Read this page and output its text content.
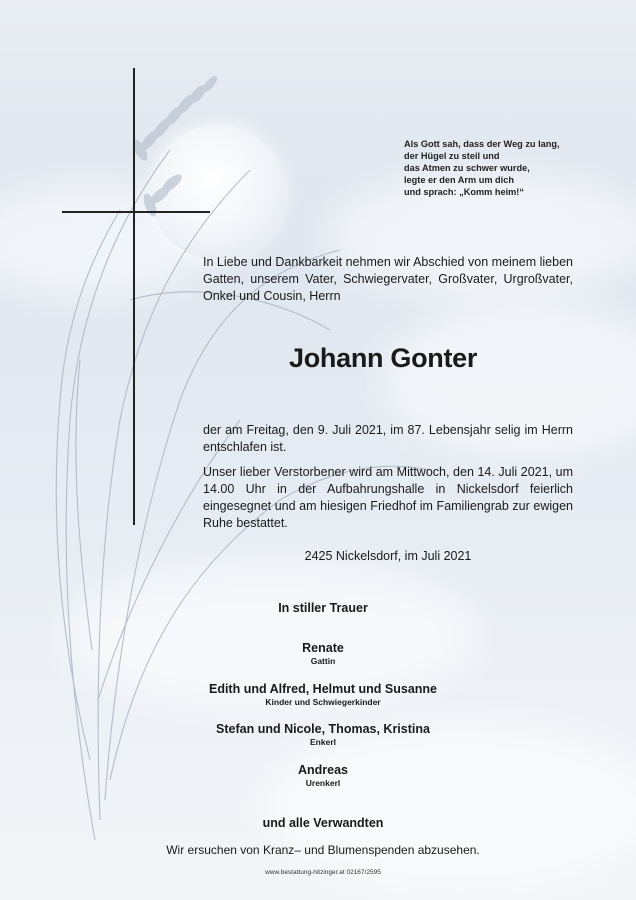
Als Gott sah, dass der Weg zu lang,
der Hügel zu steil und
das Atmen zu schwer wurde,
legte er den Arm um dich
und sprach: „Komm heim!“
In Liebe und Dankbarkeit nehmen wir Abschied von meinem lieben Gatten, unserem Vater, Schwiegervater, Großvater, Urgroßvater, Onkel und Cousin, Herrn
Johann Gonter
der am Freitag, den 9. Juli 2021, im 87. Lebensjahr selig im Herrn entschlafen ist.
Unser lieber Verstorbener wird am Mittwoch, den 14. Juli 2021, um 14.00 Uhr in der Aufbahrungshalle in Nickelsdorf feierlich eingesegnet und am hiesigen Friedhof im Familiengrab zur ewigen Ruhe bestattet.
2425 Nickelsdorf, im Juli 2021
In stiller Trauer
Renate
Gattin
Edith und Alfred, Helmut und Susanne
Kinder und Schwiegerkinder
Stefan und Nicole, Thomas, Kristina
Enkerl
Andreas
Urenkerl
und alle Verwandten
Wir ersuchen von Kranz– und Blumenspenden abzusehen.
www.bestattung-hitzinger.at 02167/2595
